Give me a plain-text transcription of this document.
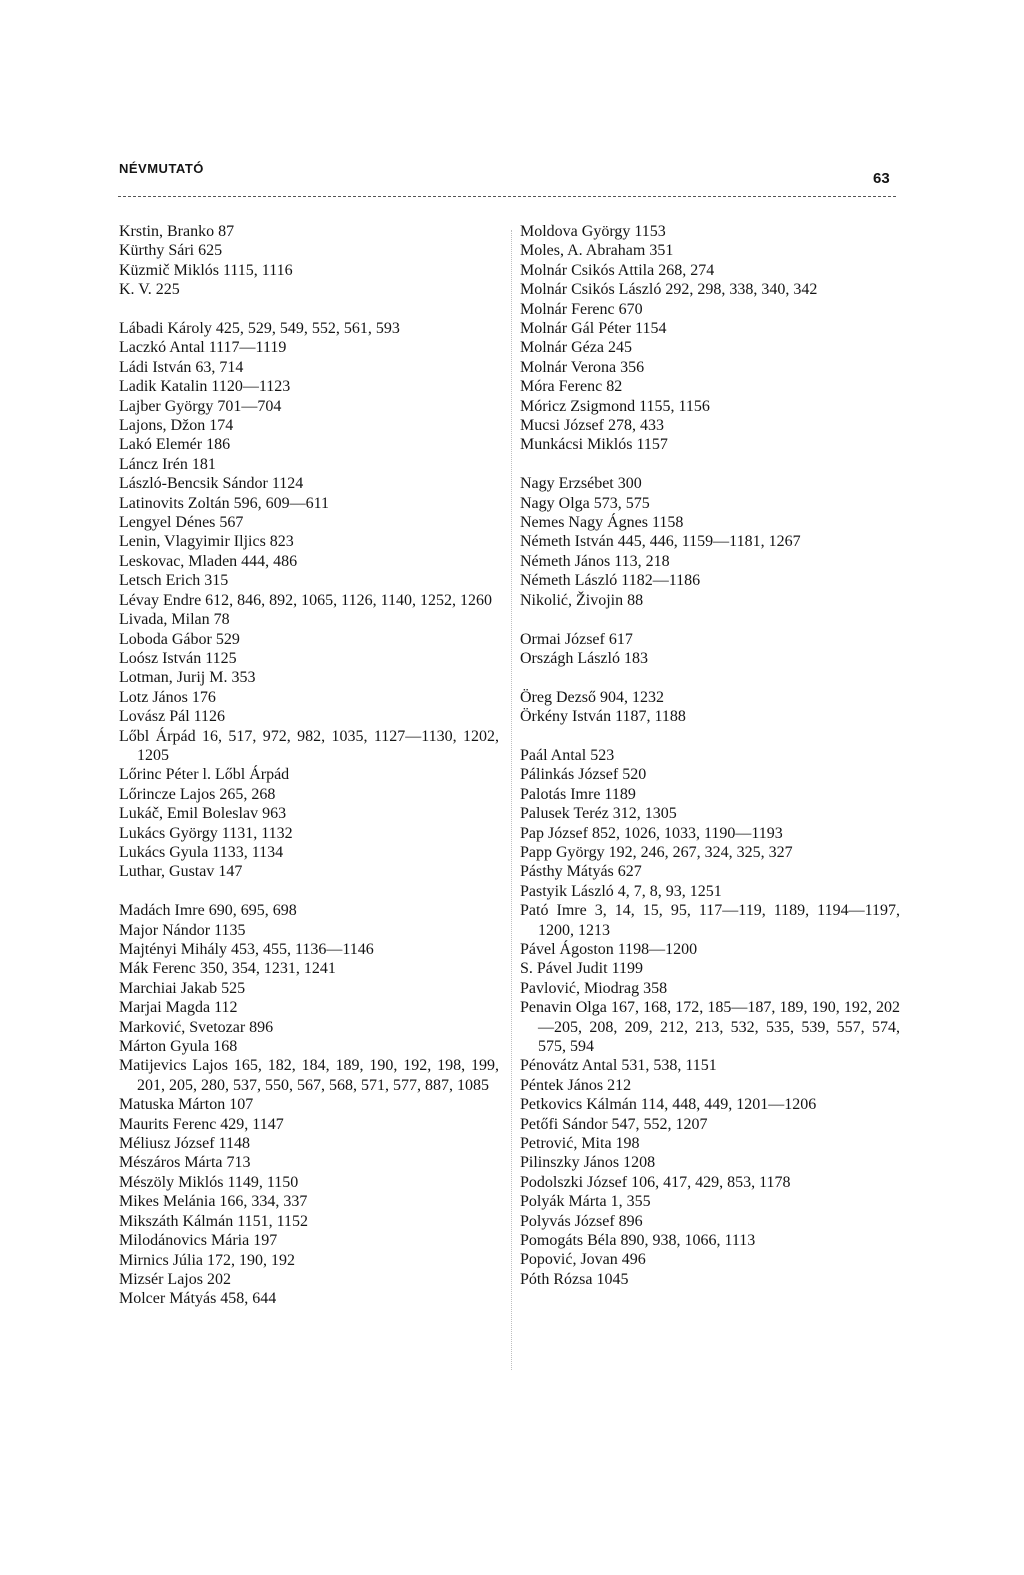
NÉVMUTATÓ
63
Krstin, Branko 87
Kürthy Sári 625
Küzmič Miklós 1115, 1116
K. V. 225
Lábadi Károly 425, 529, 549, 552, 561, 593
Laczkó Antal 1117—1119
Ládi István 63, 714
Ladik Katalin 1120—1123
Lajber György 701—704
Lajons, Džon 174
Lakó Elemér 186
Láncz Irén 181
László-Bencsik Sándor 1124
Latinovits Zoltán 596, 609—611
Lengyel Dénes 567
Lenin, Vlagyimir Iljics 823
Leskovac, Mladen 444, 486
Letsch Erich 315
Lévay Endre 612, 846, 892, 1065, 1126, 1140, 1252, 1260
Livada, Milan 78
Loboda Gábor 529
Loósz István 1125
Lotman, Jurij M. 353
Lotz János 176
Lovász Pál 1126
Lőbl Árpád 16, 517, 972, 982, 1035, 1127—1130, 1202, 1205
Lőrinc Péter l. Lőbl Árpád
Lőrincze Lajos 265, 268
Lukáč, Emil Boleslav 963
Lukács György 1131, 1132
Lukács Gyula 1133, 1134
Luthar, Gustav 147
Madách Imre 690, 695, 698
Major Nándor 1135
Majtényi Mihály 453, 455, 1136—1146
Mák Ferenc 350, 354, 1231, 1241
Marchiai Jakab 525
Marjai Magda 112
Marković, Svetozar 896
Márton Gyula 168
Matijevics Lajos 165, 182, 184, 189, 190, 192, 198, 199, 201, 205, 280, 537, 550, 567, 568, 571, 577, 887, 1085
Matuska Márton 107
Maurits Ferenc 429, 1147
Méliusz József 1148
Mészáros Márta 713
Mészöly Miklós 1149, 1150
Mikes Melánia 166, 334, 337
Mikszáth Kálmán 1151, 1152
Milodánovics Mária 197
Mirnics Júlia 172, 190, 192
Mizsér Lajos 202
Molcer Mátyás 458, 644
Moldova György 1153
Moles, A. Abraham 351
Molnár Csikós Attila 268, 274
Molnár Csikós László 292, 298, 338, 340, 342
Molnár Ferenc 670
Molnár Gál Péter 1154
Molnár Géza 245
Molnár Verona 356
Móra Ferenc 82
Móricz Zsigmond 1155, 1156
Mucsi József 278, 433
Munkácsi Miklós 1157
Nagy Erzsébet 300
Nagy Olga 573, 575
Nemes Nagy Ágnes 1158
Németh István 445, 446, 1159—1181, 1267
Németh János 113, 218
Németh László 1182—1186
Nikolić, Živojin 88
Ormai József 617
Országh László 183
Öreg Dezső 904, 1232
Örkény István 1187, 1188
Paál Antal 523
Pálinkás József 520
Palotás Imre 1189
Palusek Teréz 312, 1305
Pap József 852, 1026, 1033, 1190—1193
Papp György 192, 246, 267, 324, 325, 327
Pásthy Mátyás 627
Pastyik László 4, 7, 8, 93, 1251
Pató Imre 3, 14, 15, 95, 117—119, 1189, 1194—1197, 1200, 1213
Pável Ágoston 1198—1200
S. Pável Judit 1199
Pavlović, Miodrag 358
Penavin Olga 167, 168, 172, 185—187, 189, 190, 192, 202—205, 208, 209, 212, 213, 532, 535, 539, 557, 574, 575, 594
Pénovátz Antal 531, 538, 1151
Péntek János 212
Petkovics Kálmán 114, 448, 449, 1201—1206
Petőfi Sándor 547, 552, 1207
Petrović, Mita 198
Pilinszky János 1208
Podolszki József 106, 417, 429, 853, 1178
Polyák Márta 1, 355
Polyvás József 896
Pomogáts Béla 890, 938, 1066, 1113
Popović, Jovan 496
Póth Rózsa 1045
